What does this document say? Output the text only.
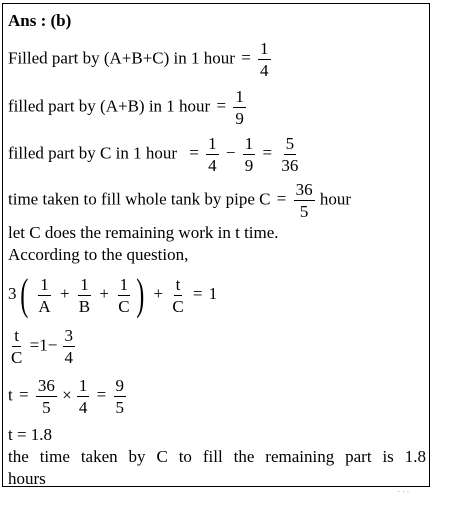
Ans : (b)
Filled part by (A+B+C) in 1 hour = $\frac{1}{4}$
filled part by (A+B) in 1 hour = $\frac{1}{9}$
filled part by C in 1 hour = $\frac{1}{4} - \frac{1}{9} = \frac{5}{36}$
time taken to fill whole tank by pipe $C = \frac{36}{5}$ hour
let C does the remaining work in t time.
According to the question,
$3( \frac{1}{A} + \frac{1}{B} + \frac{1}{C}$ ) + $\frac{t}{C} = 1$
$\frac{t}{C} =1- \frac{3}{4}$
$t = \frac{36}{5} \times \frac{1}{4} = \frac{9}{5}$
t = 1.8
the time taken by C to fill the remaining part is 1.8
hours
· · ·
